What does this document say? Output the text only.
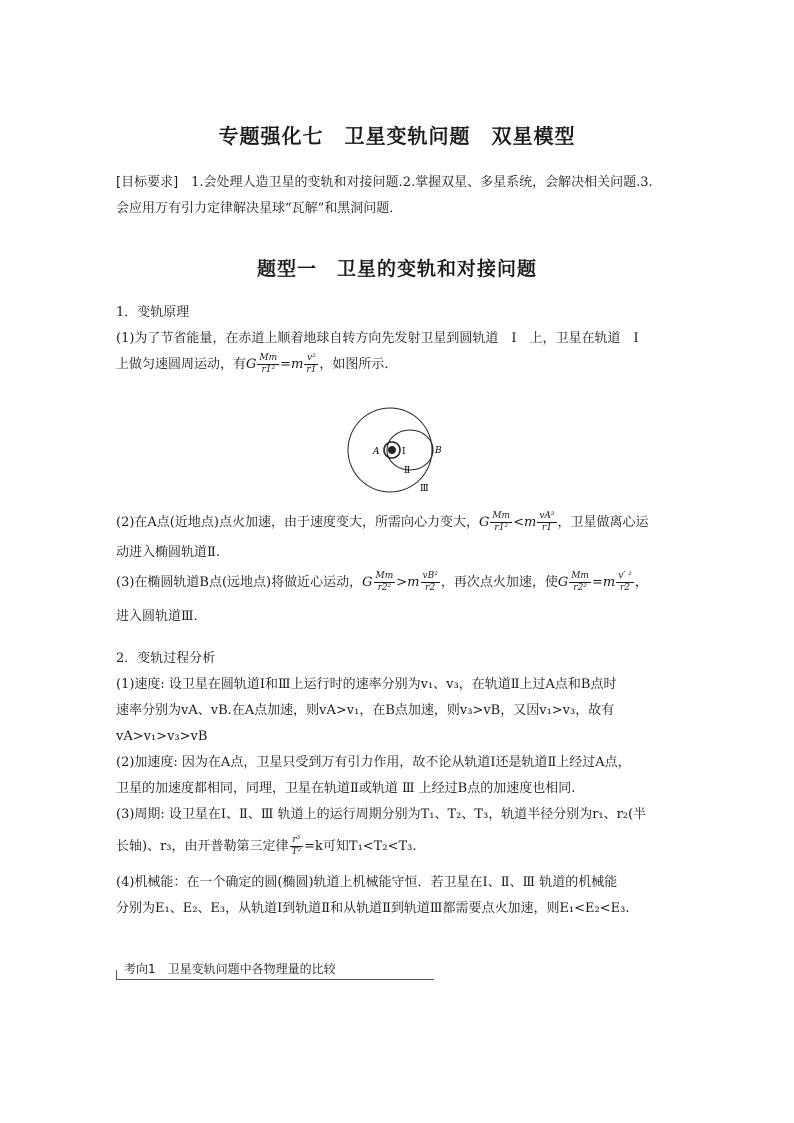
专题强化七　卫星变轨问题　双星模型
[目标要求]　1.会处理人造卫星的变轨和对接问题.2.掌握双星、多星系统，会解决相关问题.3.
会应用万有引力定律解决星球“瓦解”和黑洞问题．
题型一　卫星的变轨和对接问题
1．变轨原理
(1)为了节省能量，在赤道上顺着地球自转方向先发射卫星到圆轨道　Ⅰ　上，卫星在轨道　Ⅰ
上做匀速圆周运动，有G $\frac{Mm}{\text{r1²}} =m \frac{\text{v²}}{r1}$ ，如图所示．
A	I	B
Ⅱ
Ⅲ
(2)在A点(近地点)点火加速，由于速度变大，所需向心力变大，G $\frac{Mm}{\text{r1²}} <m \frac{\text{vA²}}{r1}$ ，卫星做离心运
动进入椭圆轨道Ⅱ.
(3)在椭圆轨道B点(远地点)将做近心运动，G $\frac{Mm}{\text{r2²}} >m \frac{\text{vB²}}{r2}$ ，再次点火加速，使G $\frac{Mm}{\text{r2²}} =m \frac{\text{v′ ²}}{r2}$ ，
进入圆轨道Ⅲ.
2．变轨过程分析
(1)速度: 设卫星在圆轨道Ⅰ和Ⅲ上运行时的速率分别为v₁、v₃，在轨道Ⅱ上过A点和B点时
速率分别为vA、vB.在A点加速，则vA>v₁，在B点加速，则v₃>vB，又因v₁>v₃，故有
vA>v₁>v₃>vB
(2)加速度: 因为在A点，卫星只受到万有引力作用，故不论从轨道Ⅰ还是轨道Ⅱ上经过A点，
卫星的加速度都相同，同理，卫星在轨道Ⅱ或轨道 Ⅲ 上经过B点的加速度也相同.
(3)周期: 设卫星在Ⅰ、Ⅱ、Ⅲ 轨道上的运行周期分别为T₁、T₂、T₃，轨道半径分别为r₁、r₂(半
长轴)、r₃，由开普勒第三定律 $\frac{\text{r³}}{\text{T²}} =k$可知T₁<T₂<T₃.
(4)机械能：在一个确定的圆(椭圆)轨道上机械能守恒．若卫星在Ⅰ、Ⅱ、Ⅲ 轨道的机械能
分别为E₁、E₂、E₃，从轨道Ⅰ到轨道Ⅱ和从轨道Ⅱ到轨道Ⅲ都需要点火加速，则E₁<E₂<E₃.
考向1　卫星变轨问题中各物理量的比较
